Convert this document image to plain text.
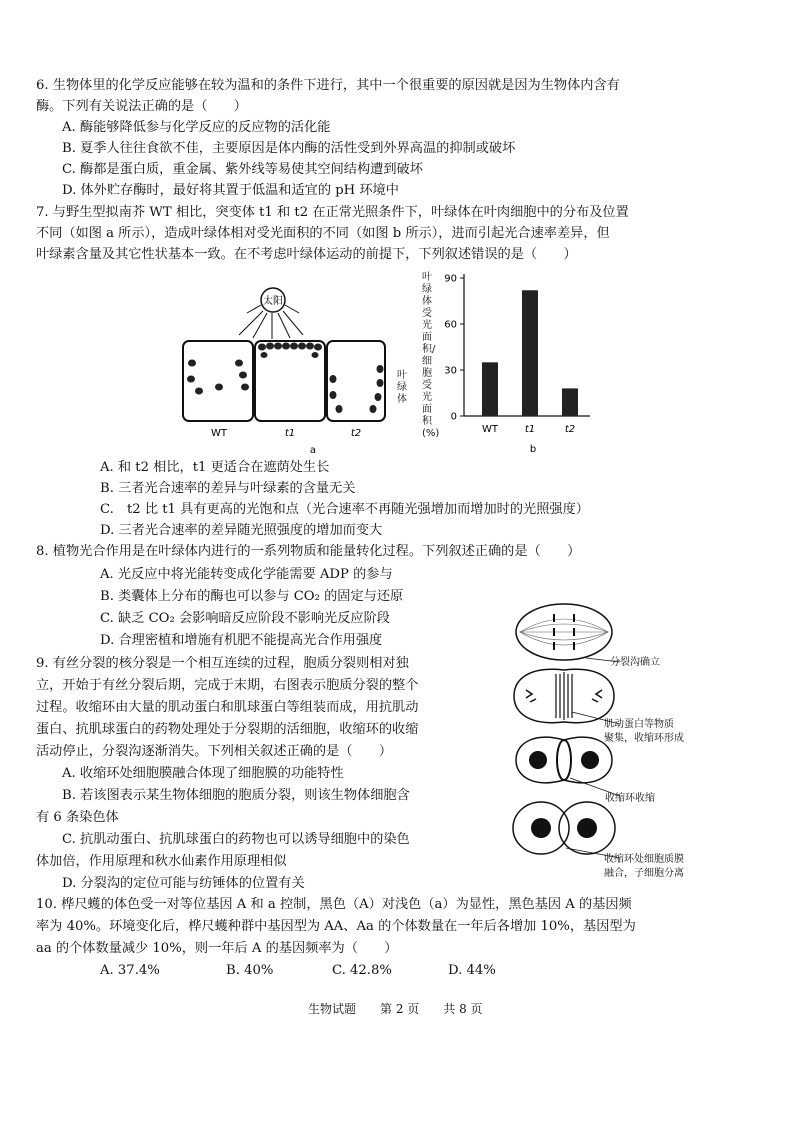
6. 生物体里的化学反应能够在较为温和的条件下进行，其中一个很重要的原因就是因为生物体内含有
酶。下列有关说法正确的是（　　）
A. 酶能够降低参与化学反应的反应物的活化能
B. 夏季人往往食欲不佳，主要原因是体内酶的活性受到外界高温的抑制或破坏
C. 酶都是蛋白质，重金属、紫外线等易使其空间结构遭到破坏
D. 体外贮存酶时，最好将其置于低温和适宜的 pH 环境中
7. 与野生型拟南芥 WT 相比，突变体 t1 和 t2 在正常光照条件下，叶绿体在叶肉细胞中的分布及位置
不同（如图 a 所示），造成叶绿体相对受光面积的不同（如图 b 所示），进而引起光合速率差异，但
叶绿素含量及其它性状基本一致。在不考虑叶绿体运动的前提下，下列叙述错误的是（　　）
太阳
WT	t1	t2
a
叶绿体
叶绿体受光面积/细胞受光面积(%)
0
30
60
90
WT	t1	t2
b
A. 和 t2 相比，t1 更适合在遮荫处生长
B. 三者光合速率的差异与叶绿素的含量无关
C.　t2 比 t1 具有更高的光饱和点（光合速率不再随光强增加而增加时的光照强度）
D. 三者光合速率的差异随光照强度的增加而变大
8. 植物光合作用是在叶绿体内进行的一系列物质和能量转化过程。下列叙述正确的是（　　）
A. 光反应中将光能转变成化学能需要 ADP 的参与
B. 类囊体上分布的酶也可以参与 CO₂ 的固定与还原
C. 缺乏 CO₂ 会影响暗反应阶段不影响光反应阶段
D. 合理密植和增施有机肥不能提高光合作用强度
9. 有丝分裂的核分裂是一个相互连续的过程，胞质分裂则相对独
立，开始于有丝分裂后期，完成于末期，右图表示胞质分裂的整个
过程。收缩环由大量的肌动蛋白和肌球蛋白等组装而成，用抗肌动
蛋白、抗肌球蛋白的药物处理处于分裂期的活细胞，收缩环的收缩
活动停止，分裂沟逐渐消失。下列相关叙述正确的是（　　）
A. 收缩环处细胞膜融合体现了细胞膜的功能特性
B. 若该图表示某生物体细胞的胞质分裂，则该生物体细胞含
有 6 条染色体
C. 抗肌动蛋白、抗肌球蛋白的药物也可以诱导细胞中的染色
体加倍，作用原理和秋水仙素作用原理相似
D. 分裂沟的定位可能与纺锤体的位置有关
分裂沟确立
肌动蛋白等物质
聚集，收缩环形成
收缩环收缩
收缩环处细胞质膜
融合，子细胞分离
10. 桦尺蠖的体色受一对等位基因 A 和 a 控制，黑色（A）对浅色（a）为显性，黑色基因 A 的基因频
率为 40%。环境变化后，桦尺蠖种群中基因型为 AA、Aa 的个体数量在一年后各增加 10%，基因型为
aa 的个体数量减少 10%，则一年后 A 的基因频率为（　　）
A. 37.4%	B. 40%	C. 42.8%	D. 44%
生物试题　　第 2 页　　共 8 页
